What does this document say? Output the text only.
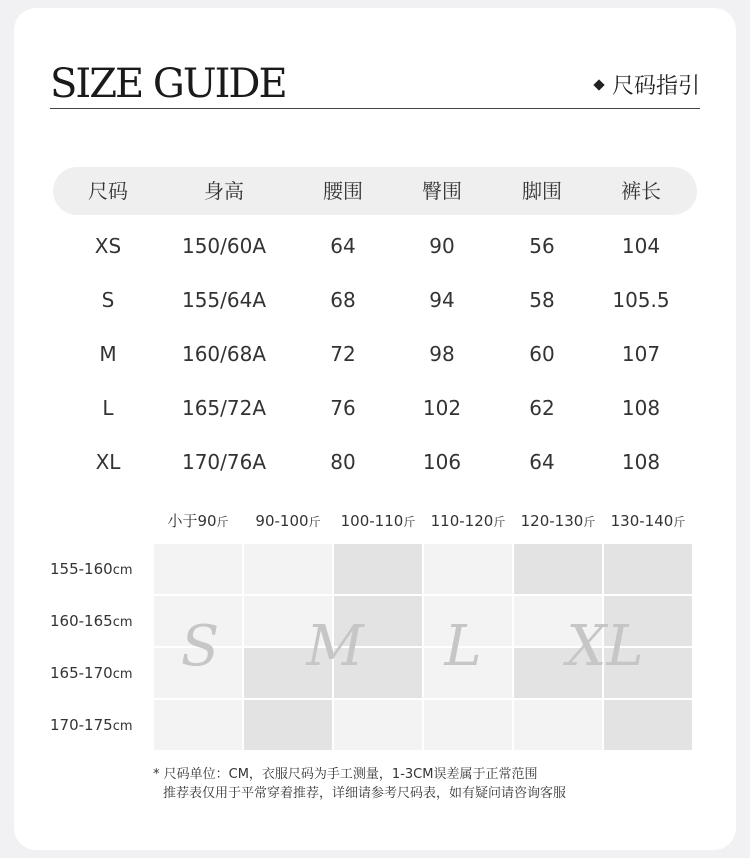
SIZE GUIDE	尺码指引
尺码	身高	腰围	臀围	脚围	裤长
XS	150/60A	64	90	56	104
S	155/64A	68	94	58	105.5
M	160/68A	72	98	60	107
L	165/72A	76	102	62	108
XL	170/76A	80	106	64	108
小于90斤	90-100斤	100-110斤	110-120斤	120-130斤	130-140斤
155-160cm
160-165cm
165-170cm
170-175cm
S	M	L	XL
* 尺码单位：CM，衣服尺码为手工测量，1-3CM误差属于正常范围
推荐表仅用于平常穿着推荐，详细请参考尺码表，如有疑问请咨询客服
